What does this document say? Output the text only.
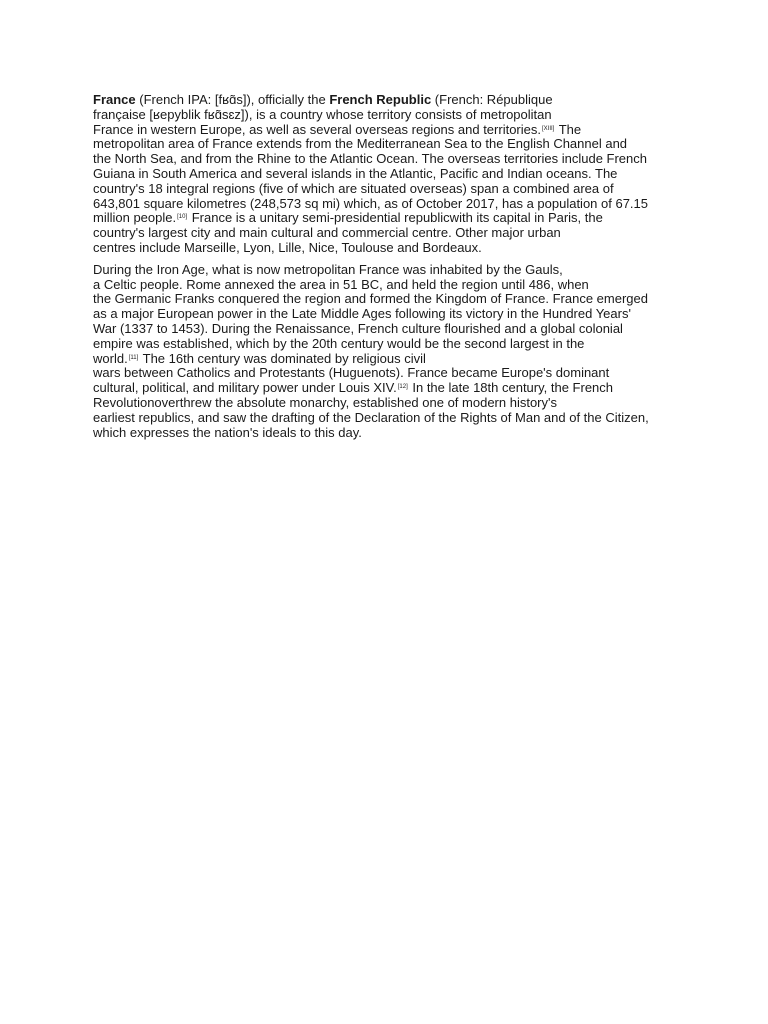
France (French IPA: [fʁɑ̃s]), officially the French Republic (French: République
française [ʁepyblik fʁɑ̃sɛz]), is a country whose territory consists of metropolitan
France in western Europe, as well as several overseas regions and territories.[XIII] The
metropolitan area of France extends from the Mediterranean Sea to the English Channel and
the North Sea, and from the Rhine to the Atlantic Ocean. The overseas territories include French
Guiana in South America and several islands in the Atlantic, Pacific and Indian oceans. The
country's 18 integral regions (five of which are situated overseas) span a combined area of
643,801 square kilometres (248,573 sq mi) which, as of October 2017, has a population of 67.15
million people.[10] France is a unitary semi-presidential republicwith its capital in Paris, the
country's largest city and main cultural and commercial centre. Other major urban
centres include Marseille, Lyon, Lille, Nice, Toulouse and Bordeaux.

During the Iron Age, what is now metropolitan France was inhabited by the Gauls,
a Celtic people. Rome annexed the area in 51 BC, and held the region until 486, when
the Germanic Franks conquered the region and formed the Kingdom of France. France emerged
as a major European power in the Late Middle Ages following its victory in the Hundred Years'
War (1337 to 1453). During the Renaissance, French culture flourished and a global colonial
empire was established, which by the 20th century would be the second largest in the
world.[11] The 16th century was dominated by religious civil
wars between Catholics and Protestants (Huguenots). France became Europe's dominant
cultural, political, and military power under Louis XIV.[12] In the late 18th century, the French
Revolutionoverthrew the absolute monarchy, established one of modern history's
earliest republics, and saw the drafting of the Declaration of the Rights of Man and of the Citizen,
which expresses the nation's ideals to this day.
